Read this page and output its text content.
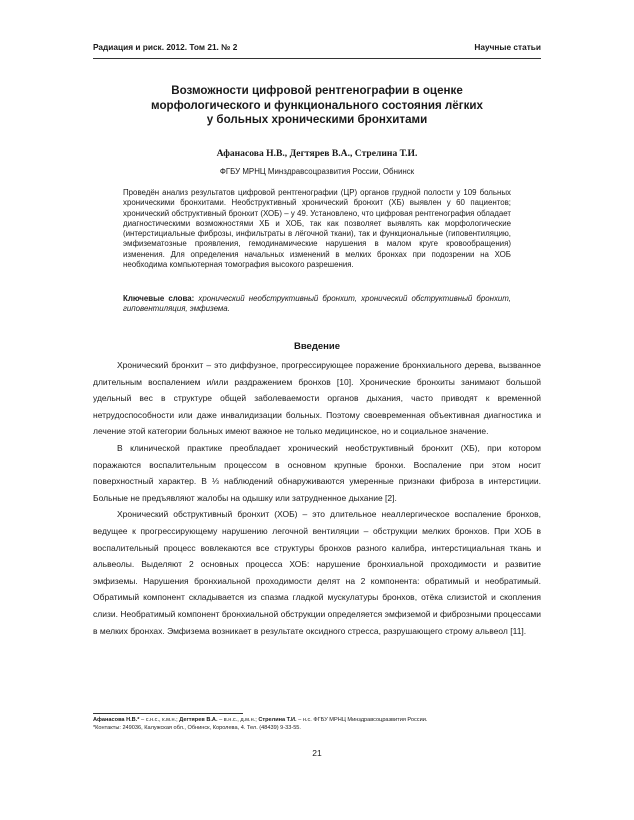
Радиация и риск. 2012. Том 21. № 2	Научные статьи
Возможности цифровой рентгенографии в оценке
морфологического и функционального состояния лёгких
у больных хроническими бронхитами
Афанасова Н.В., Дегтярев В.А., Стрелина Т.И.
ФГБУ МРНЦ Минздравсоцразвития России, Обнинск
Проведён анализ результатов цифровой рентгенографии (ЦР) органов грудной полости у 109 больных хроническими бронхитами. Необструктивный хронический бронхит (ХБ) выявлен у 60 пациентов; хронический обструктивный бронхит (ХОБ) – у 49. Установлено, что цифровая рентгенография обладает диагностическими возможностями ХБ и ХОБ, так как позволяет выявлять как морфологические (интерстициальные фиброзы, инфильтраты в лёгочной ткани), так и функциональные (гиповентиляцию, эмфизематозные проявления, гемодинамические нарушения в малом круге кровообращения) изменения. Для определения начальных изменений в мелких бронхах при подозрении на ХОБ необходима компьютерная томография высокого разрешения.
Ключевые слова: хронический необструктивный бронхит, хронический обструктивный бронхит, гиповентиляция, эмфизема.
Введение

Хронический бронхит – это диффузное, прогрессирующее поражение бронхиального дерева, вызванное длительным воспалением и/или раздражением бронхов [10]. Хронические бронхиты занимают большой удельный вес в структуре общей заболеваемости органов дыхания, часто приводят к временной нетрудоспособности или даже инвалидизации больных. Поэтому своевременная объективная диагностика и лечение этой категории больных имеют важное не только медицинское, но и социальное значение.

В клинической практике преобладает хронический необструктивный бронхит (ХБ), при котором поражаются воспалительным процессом в основном крупные бронхи. Воспаление при этом носит поверхностный характер. В ⅓ наблюдений обнаруживаются умеренные признаки фиброза в интерстиции. Больные не предъявляют жалобы на одышку или затрудненное дыхание [2].

Хронический обструктивный бронхит (ХОБ) – это длительное неаллергическое воспаление бронхов, ведущее к прогрессирующему нарушению легочной вентиляции – обструкции мелких бронхов. При ХОБ в воспалительный процесс вовлекаются все структуры бронхов разного калибра, интерстициальная ткань и альвеолы. Выделяют 2 основных процесса ХОБ: нарушение бронхиальной проходимости и развитие эмфиземы. Нарушения бронхиальной проходимости делят на 2 компонента: обратимый и необратимый. Обратимый компонент складывается из спазма гладкой мускулатуры бронхов, отёка слизистой и скопления слизи. Необратимый компонент бронхиальной обструкции определяется эмфиземой и фиброзными процессами в мелких бронхах. Эмфизема возникает в результате оксидного стресса, разрушающего строму альвеол [11].

Афанасова Н.В.* – с.н.с., к.м.н.; Дегтярев В.А. – в.н.с., д.м.н.; Стрелина Т.И. – н.с. ФГБУ МРНЦ Минздравсоцразвития России.
*Контакты: 249036, Калужская обл., Обнинск, Королева, 4. Тел. (48439) 9-33-55.
21
